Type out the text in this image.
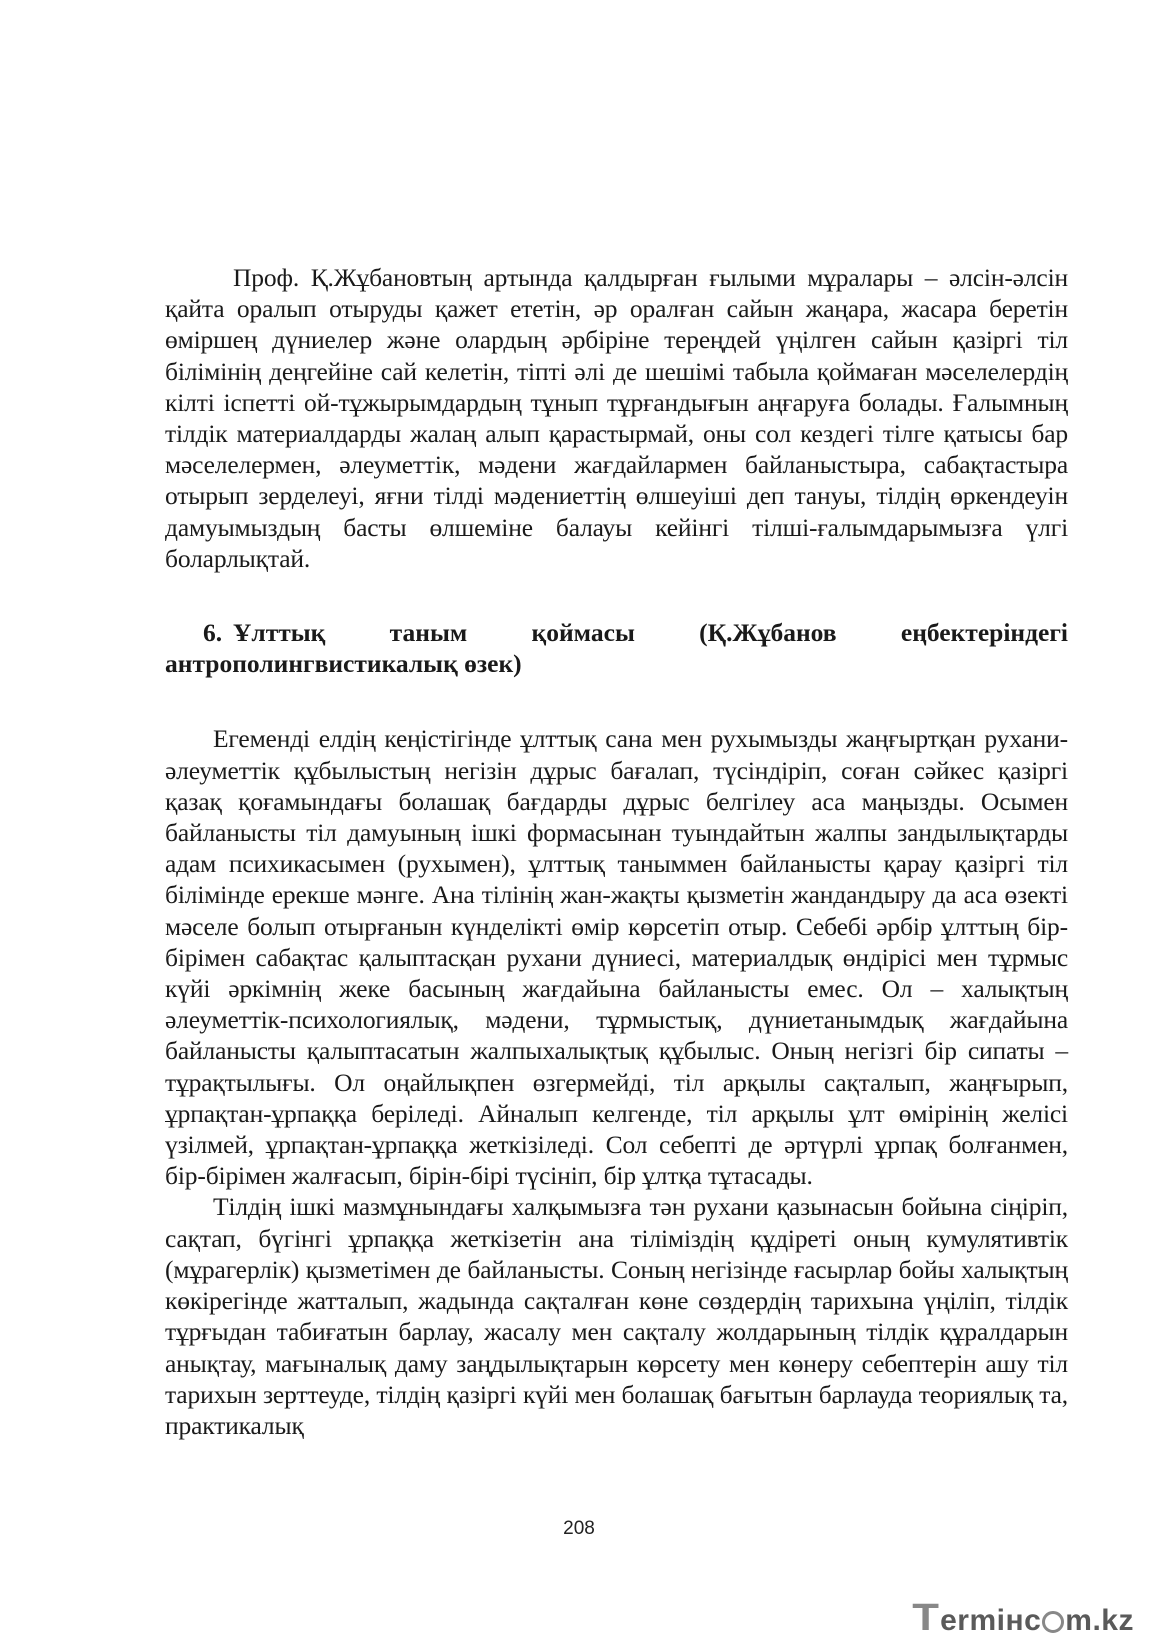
Проф. Қ.Жұбановтың артында қалдырған ғылыми мұралары – әлсін-әлсін қайта оралып отыруды қажет ететін, әр оралған сайын жаңара, жасара беретін өміршең дүниелер және олардың әрбіріне тереңдей үңілген сайын қазіргі тіл білімінің деңгейіне сай келетін, тіпті әлі де шешімі табыла қоймаған мәселелердің кілті іспетті ой-тұжырымдардың тұнып тұрғандығын аңғаруға болады. Ғалымның тілдік материалдарды жалаң алып қарастырмай, оны сол кездегі тілге қатысы бар мәселелермен, әлеуметтік, мәдени жағдайлармен байланыстыра, сабақтастыра отырып зерделеуі, яғни тілді мәдениеттің өлшеуіші деп тануы, тілдің өркендеуін дамуымыздың басты өлшеміне балауы кейінгі тілші-ғалымдарымызға үлгі боларлықтай.

6. Ұлттық таным қоймасы (Қ.Жұбанов еңбектеріндегі антрополингвистикалық өзек)

Егеменді елдің кеңістігінде ұлттық сана мен рухымызды жаңғыртқан рухани-әлеуметтік құбылыстың негізін дұрыс бағалап, түсіндіріп, соған сәйкес қазіргі қазақ қоғамындағы болашақ бағдарды дұрыс белгілеу аса маңызды. Осымен байланысты тіл дамуының ішкі формасынан туындайтын жалпы зандылықтарды адам психикасымен (рухымен), ұлттық таныммен байланысты қарау қазіргі тіл білімінде ерекше мәнге. Ана тілінің жан-жақты қызметін жандандыру да аса өзекті мәселе болып отырғанын күнделікті өмір көрсетіп отыр. Себебі әрбір ұлттың бір-бірімен сабақтас қалыптасқан рухани дүниесі, материалдық өндірісі мен тұрмыс күйі әркімнің жеке басының жағдайына байланысты емес. Ол – халықтың әлеуметтік-психологиялық, мәдени, тұрмыстық, дүниетанымдық жағдайына байланысты қалыптасатын жалпыхалықтық құбылыс. Оның негізгі бір сипаты – тұрақтылығы. Ол оңайлықпен өзгермейді, тіл арқылы сақталып, жаңғырып, ұрпақтан-ұрпаққа беріледі. Айналып келгенде, тіл арқылы ұлт өмірінің желісі үзілмей, ұрпақтан-ұрпаққа жеткізіледі. Сол себепті де әртүрлі ұрпақ болғанмен, бір-бірімен жалғасып, бірін-бірі түсініп, бір ұлтқа тұтасады.

Тілдің ішкі мазмұнындағы халқымызға тән рухани қазынасын бойына сіңіріп, сақтап, бүгінгі ұрпаққа жеткізетін ана тіліміздің құдіреті оның кумулятивтік (мұрагерлік) қызметімен де байланысты. Соның негізінде ғасырлар бойы халықтың көкірегінде жатталып, жадында сақталған көне сөздердің тарихына үңіліп, тілдік тұрғыдан табиғатын барлау, жасалу мен сақталу жолдарының тілдік құралдарын анықтау, мағыналық даму заңдылықтарын көрсету мен көнеру себептерін ашу тіл тарихын зерттеуде, тілдің қазіргі күйі мен болашақ бағытын барлауда теориялық та, практикалық

208
Termінc m.kz
